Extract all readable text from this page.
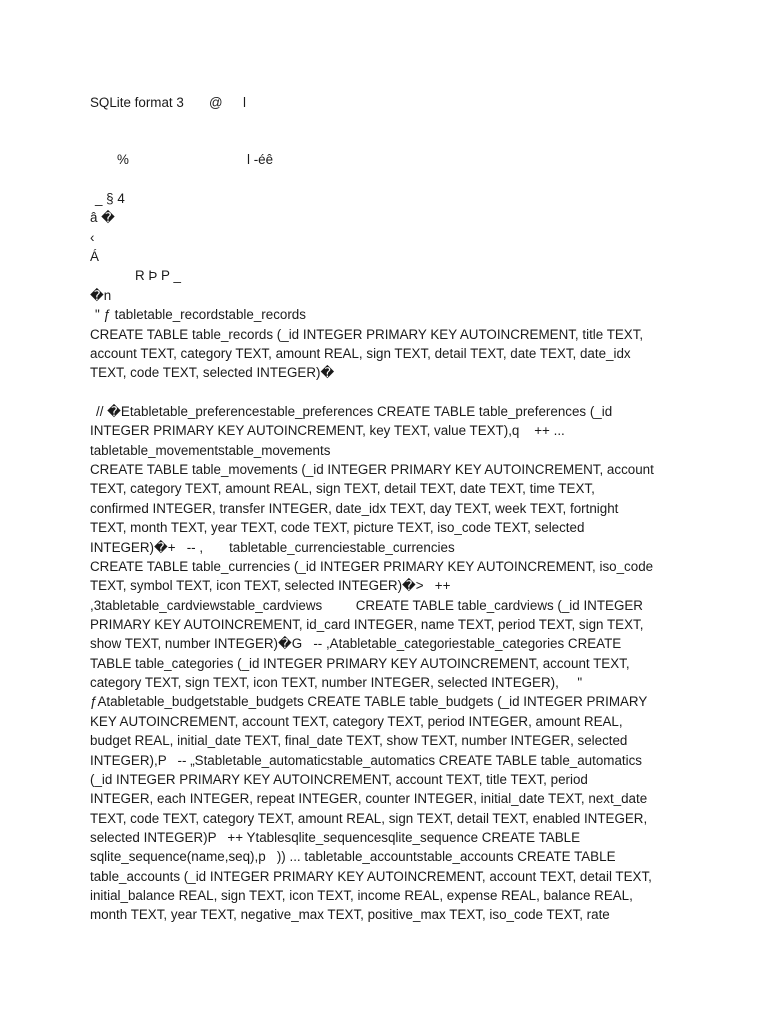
SQLite format 3 @ l
%	l -éê
_ § 4
â �
‹
Á
R Þ P _
�n
" ƒ tabletable_recordstable_records
CREATE TABLE table_records (_id INTEGER PRIMARY KEY AUTOINCREMENT, title TEXT,
account TEXT, category TEXT, amount REAL, sign TEXT, detail TEXT, date TEXT, date_idx
TEXT, code TEXT, selected INTEGER)�
// �Etabletable_preferencestable_preferences CREATE TABLE table_preferences (_id
INTEGER PRIMARY KEY AUTOINCREMENT, key TEXT, value TEXT),q    ++ ...
tabletable_movementstable_movements
CREATE TABLE table_movements (_id INTEGER PRIMARY KEY AUTOINCREMENT, account
TEXT, category TEXT, amount REAL, sign TEXT, detail TEXT, date TEXT, time TEXT,
confirmed INTEGER, transfer INTEGER, date_idx TEXT, day TEXT, week TEXT, fortnight
TEXT, month TEXT, year TEXT, code TEXT, picture TEXT, iso_code TEXT, selected
INTEGER)�+   -- ,       tabletable_currenciestable_currencies
CREATE TABLE table_currencies (_id INTEGER PRIMARY KEY AUTOINCREMENT, iso_code
TEXT, symbol TEXT, icon TEXT, selected INTEGER)�>   ++
,3tabletable_cardviewstable_cardviews         CREATE TABLE table_cardviews (_id INTEGER
PRIMARY KEY AUTOINCREMENT, id_card INTEGER, name TEXT, period TEXT, sign TEXT,
show TEXT, number INTEGER)�G   -- ,Atabletable_categoriestable_categories CREATE
TABLE table_categories (_id INTEGER PRIMARY KEY AUTOINCREMENT, account TEXT,
category TEXT, sign TEXT, icon TEXT, number INTEGER, selected INTEGER),     "
ƒAtabletable_budgetstable_budgets CREATE TABLE table_budgets (_id INTEGER PRIMARY
KEY AUTOINCREMENT, account TEXT, category TEXT, period INTEGER, amount REAL,
budget REAL, initial_date TEXT, final_date TEXT, show TEXT, number INTEGER, selected
INTEGER),P   -- „Stabletable_automaticstable_automatics CREATE TABLE table_automatics
(_id INTEGER PRIMARY KEY AUTOINCREMENT, account TEXT, title TEXT, period
INTEGER, each INTEGER, repeat INTEGER, counter INTEGER, initial_date TEXT, next_date
TEXT, code TEXT, category TEXT, amount REAL, sign TEXT, detail TEXT, enabled INTEGER,
selected INTEGER)P   ++ Ytablesqlite_sequencesqlite_sequence CREATE TABLE
sqlite_sequence(name,seq),p   )) ... tabletable_accountstable_accounts CREATE TABLE
table_accounts (_id INTEGER PRIMARY KEY AUTOINCREMENT, account TEXT, detail TEXT,
initial_balance REAL, sign TEXT, icon TEXT, income REAL, expense REAL, balance REAL,
month TEXT, year TEXT, negative_max TEXT, positive_max TEXT, iso_code TEXT, rate
